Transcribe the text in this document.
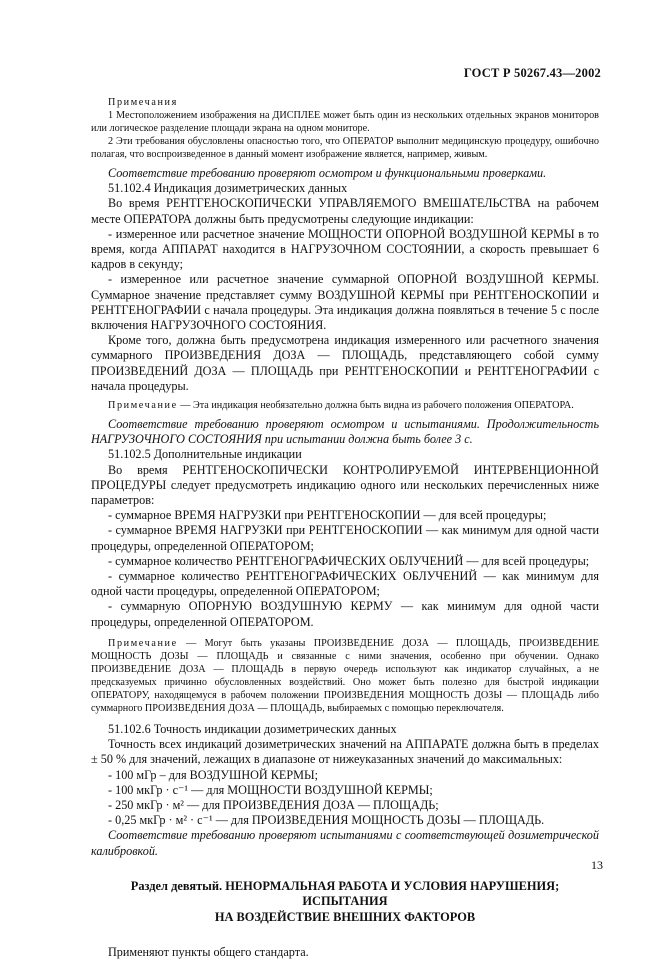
ГОСТ Р 50267.43—2002

Примечания

1 Местоположением изображения на ДИСПЛЕЕ может быть один из нескольких отдельных экранов мониторов или логическое разделение площади экрана на одном мониторе.

2 Эти требования обусловлены опасностью того, что ОПЕРАТОР выполнит медицинскую процедуру, ошибочно полагая, что воспроизведенное в данный момент изображение является, например, живым.

Соответствие требованию проверяют осмотром и функциональными проверками.

51.102.4 Индикация дозиметрических данных

Во время РЕНТГЕНОСКОПИЧЕСКИ УПРАВЛЯЕМОГО ВМЕШАТЕЛЬСТВА на рабочем месте ОПЕРАТОРА должны быть предусмотрены следующие индикации:

- измеренное или расчетное значение МОЩНОСТИ ОПОРНОЙ ВОЗДУШНОЙ КЕРМЫ в то время, когда АППАРАТ находится в НАГРУЗОЧНОМ СОСТОЯНИИ, а скорость превышает 6 кадров в секунду;

- измеренное или расчетное значение суммарной ОПОРНОЙ ВОЗДУШНОЙ КЕРМЫ. Суммарное значение представляет сумму ВОЗДУШНОЙ КЕРМЫ при РЕНТГЕНОСКОПИИ и РЕНТГЕНОГРАФИИ с начала процедуры. Эта индикация должна появляться в течение 5 с после включения НАГРУЗОЧНОГО СОСТОЯНИЯ.

Кроме того, должна быть предусмотрена индикация измеренного или расчетного значения суммарного ПРОИЗВЕДЕНИЯ ДОЗА — ПЛОЩАДЬ, представляющего собой сумму ПРОИЗВЕДЕНИЙ ДОЗА — ПЛОЩАДЬ при РЕНТГЕНОСКОПИИ и РЕНТГЕНОГРАФИИ с начала процедуры.

Примечание — Эта индикация необязательно должна быть видна из рабочего положения ОПЕРАТОРА.

Соответствие требованию проверяют осмотром и испытаниями. Продолжительность НАГРУЗОЧНОГО СОСТОЯНИЯ при испытании должна быть более 3 с.

51.102.5 Дополнительные индикации

Во время РЕНТГЕНОСКОПИЧЕСКИ КОНТРОЛИРУЕМОЙ ИНТЕРВЕНЦИОННОЙ ПРОЦЕДУРЫ следует предусмотреть индикацию одного или нескольких перечисленных ниже параметров:

- суммарное ВРЕМЯ НАГРУЗКИ при РЕНТГЕНОСКОПИИ — для всей процедуры;

- суммарное ВРЕМЯ НАГРУЗКИ при РЕНТГЕНОСКОПИИ — как минимум для одной части процедуры, определенной ОПЕРАТОРОМ;

- суммарное количество РЕНТГЕНОГРАФИЧЕСКИХ ОБЛУЧЕНИЙ — для всей процедуры;

- суммарное количество РЕНТГЕНОГРАФИЧЕСКИХ ОБЛУЧЕНИЙ — как минимум для одной части процедуры, определенной ОПЕРАТОРОМ;

- суммарную ОПОРНУЮ ВОЗДУШНУЮ КЕРМУ — как минимум для одной части процедуры, определенной ОПЕРАТОРОМ.

Примечание — Могут быть указаны ПРОИЗВЕДЕНИЕ ДОЗА — ПЛОЩАДЬ, ПРОИЗВЕДЕНИЕ МОЩНОСТЬ ДОЗЫ — ПЛОЩАДЬ и связанные с ними значения, особенно при обучении. Однако ПРОИЗВЕДЕНИЕ ДОЗА — ПЛОЩАДЬ в первую очередь используют как индикатор случайных, а не предсказуемых причинно обусловленных воздействий. Оно может быть полезно для быстрой индикации ОПЕРАТОРУ, находящемуся в рабочем положении ПРОИЗВЕДЕНИЯ МОЩНОСТЬ ДОЗЫ — ПЛОЩАДЬ либо суммарного ПРОИЗВЕДЕНИЯ ДОЗА — ПЛОЩАДЬ, выбираемых с помощью переключателя.

51.102.6 Точность индикации дозиметрических данных

Точность всех индикаций дозиметрических значений на АППАРАТЕ должна быть в пределах ± 50 % для значений, лежащих в диапазоне от нижеуказанных значений до максимальных:

- 100 мГр – для ВОЗДУШНОЙ КЕРМЫ;

- 100 мкГр · с⁻¹ — для МОЩНОСТИ ВОЗДУШНОЙ КЕРМЫ;

- 250 мкГр · м² — для ПРОИЗВЕДЕНИЯ ДОЗА — ПЛОЩАДЬ;

- 0,25 мкГр · м² · с⁻¹ — для ПРОИЗВЕДЕНИЯ МОЩНОСТЬ ДОЗЫ — ПЛОЩАДЬ.

Соответствие требованию проверяют испытаниями с соответствующей дозиметрической калибровкой.

Раздел девятый. НЕНОРМАЛЬНАЯ РАБОТА И УСЛОВИЯ НАРУШЕНИЯ; ИСПЫТАНИЯ
НА ВОЗДЕЙСТВИЕ ВНЕШНИХ ФАКТОРОВ

Применяют пункты общего стандарта.

13
